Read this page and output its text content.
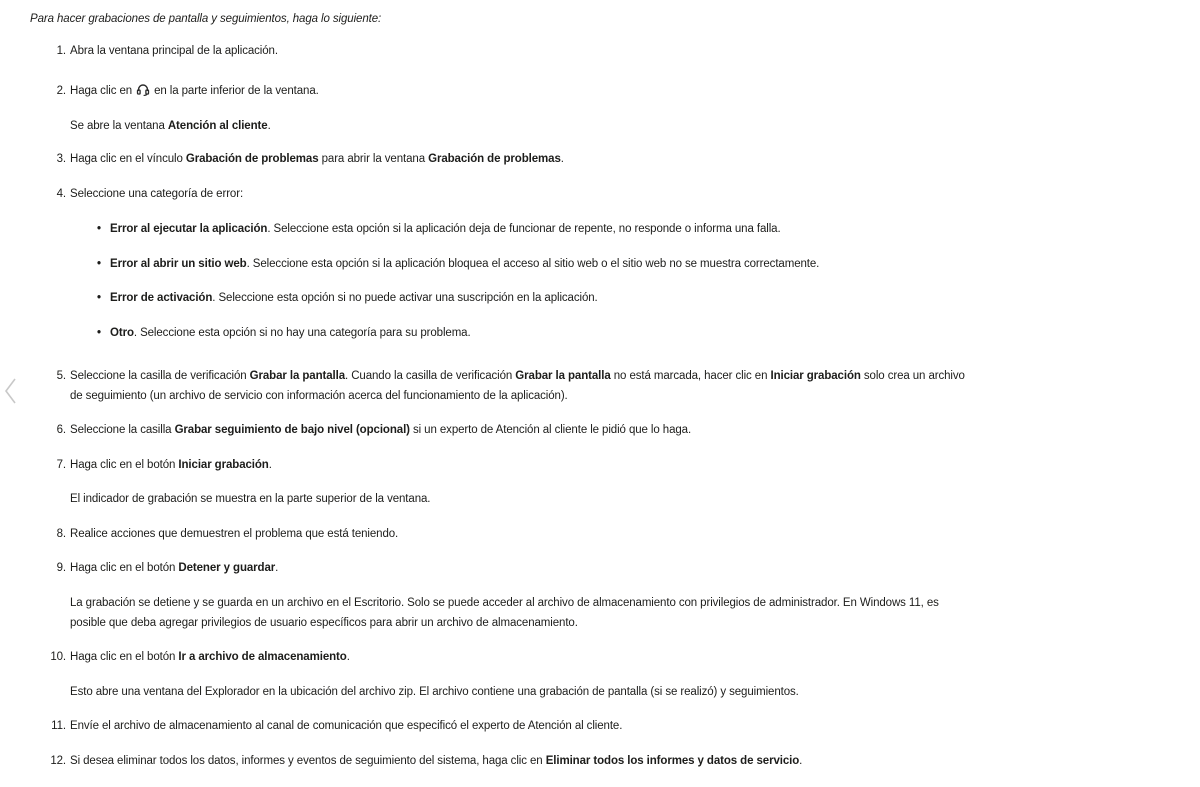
Para hacer grabaciones de pantalla y seguimientos, haga lo siguiente:

1. Abra la ventana principal de la aplicación.
2. Haga clic en en la parte inferior de la ventana.
Se abre la ventana Atención al cliente.
3. Haga clic en el vínculo Grabación de problemas para abrir la ventana Grabación de problemas.
4. Seleccione una categoría de error:
• Error al ejecutar la aplicación. Seleccione esta opción si la aplicación deja de funcionar de repente, no responde o informa una falla.
• Error al abrir un sitio web. Seleccione esta opción si la aplicación bloquea el acceso al sitio web o el sitio web no se muestra correctamente.
• Error de activación. Seleccione esta opción si no puede activar una suscripción en la aplicación.
• Otro. Seleccione esta opción si no hay una categoría para su problema.
5. Seleccione la casilla de verificación Grabar la pantalla. Cuando la casilla de verificación Grabar la pantalla no está marcada, hacer clic en Iniciar grabación solo crea un archivo
de seguimiento (un archivo de servicio con información acerca del funcionamiento de la aplicación).
6. Seleccione la casilla Grabar seguimiento de bajo nivel (opcional) si un experto de Atención al cliente le pidió que lo haga.
7. Haga clic en el botón Iniciar grabación.
El indicador de grabación se muestra en la parte superior de la ventana.
8. Realice acciones que demuestren el problema que está teniendo.
9. Haga clic en el botón Detener y guardar.
La grabación se detiene y se guarda en un archivo en el Escritorio. Solo se puede acceder al archivo de almacenamiento con privilegios de administrador. En Windows 11, es
posible que deba agregar privilegios de usuario específicos para abrir un archivo de almacenamiento.
10. Haga clic en el botón Ir a archivo de almacenamiento.
Esto abre una ventana del Explorador en la ubicación del archivo zip. El archivo contiene una grabación de pantalla (si se realizó) y seguimientos.
11. Envíe el archivo de almacenamiento al canal de comunicación que especificó el experto de Atención al cliente.
12. Si desea eliminar todos los datos, informes y eventos de seguimiento del sistema, haga clic en Eliminar todos los informes y datos de servicio.
